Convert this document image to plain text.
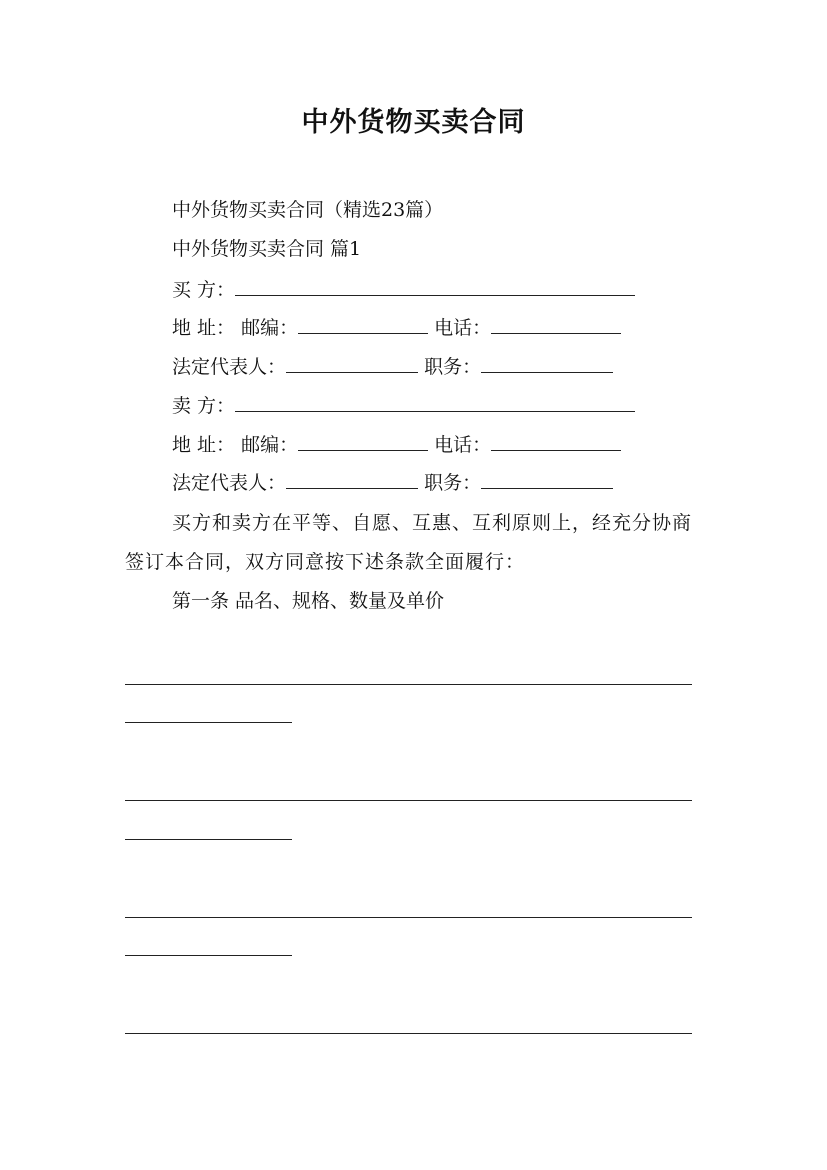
中外货物买卖合同
中外货物买卖合同（精选23篇）
中外货物买卖合同 篇1
买 方：
地 址： 邮编：	电话：
法定代表人：	职务：
卖 方：
地 址： 邮编：	电话：
法定代表人：	职务：
买方和卖方在平等、自愿、互惠、互利原则上，经充分协商签订本合同，双方同意按下述条款全面履行：
第一条 品名、规格、数量及单价
